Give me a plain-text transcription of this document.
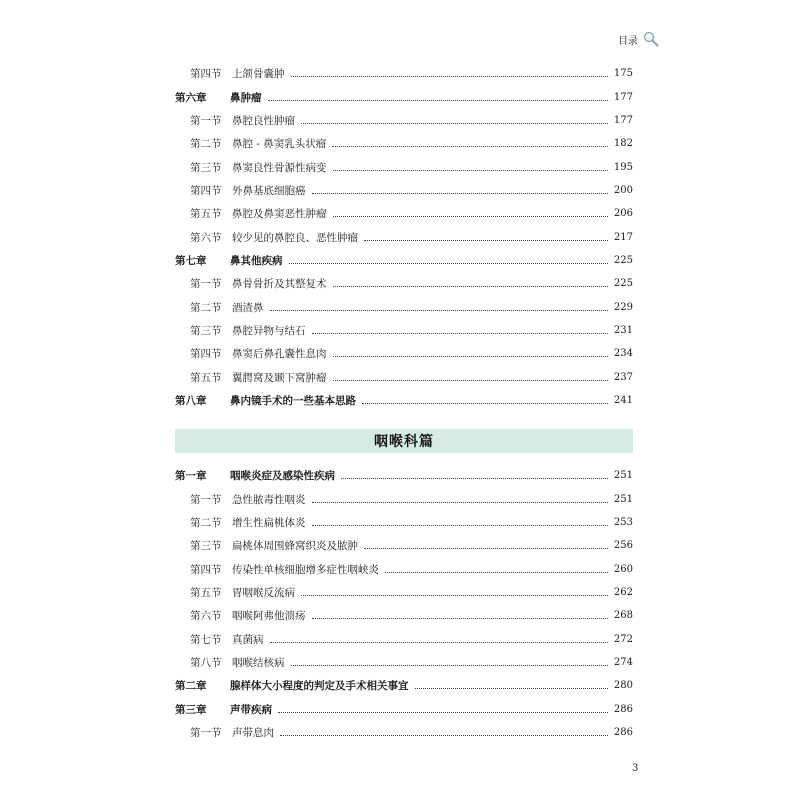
目录
第四节	上颌骨囊肿	175
第六章	鼻肿瘤	177
第一节	鼻腔良性肿瘤	177
第二节	鼻腔 - 鼻窦乳头状瘤	182
第三节	鼻窦良性骨源性病变	195
第四节	外鼻基底细胞癌	200
第五节	鼻腔及鼻窦恶性肿瘤	206
第六节	较少见的鼻腔良、恶性肿瘤	217
第七章	鼻其他疾病	225
第一节	鼻骨骨折及其整复术	225
第二节	酒渣鼻	229
第三节	鼻腔异物与结石	231
第四节	鼻窦后鼻孔囊性息肉	234
第五节	翼腭窝及颞下窝肿瘤	237
第八章	鼻内镜手术的一些基本思路	241
咽喉科篇
第一章	咽喉炎症及感染性疾病	251
第一节	急性脓毒性咽炎	251
第二节	增生性扁桃体炎	253
第三节	扁桃体周围蜂窝织炎及脓肿	256
第四节	传染性单核细胞增多症性咽峡炎	260
第五节	胃咽喉反流病	262
第六节	咽喉阿弗他溃疡	268
第七节	真菌病	272
第八节	咽喉结核病	274
第二章	腺样体大小程度的判定及手术相关事宜	280
第三章	声带疾病	286
第一节	声带息肉	286
3
